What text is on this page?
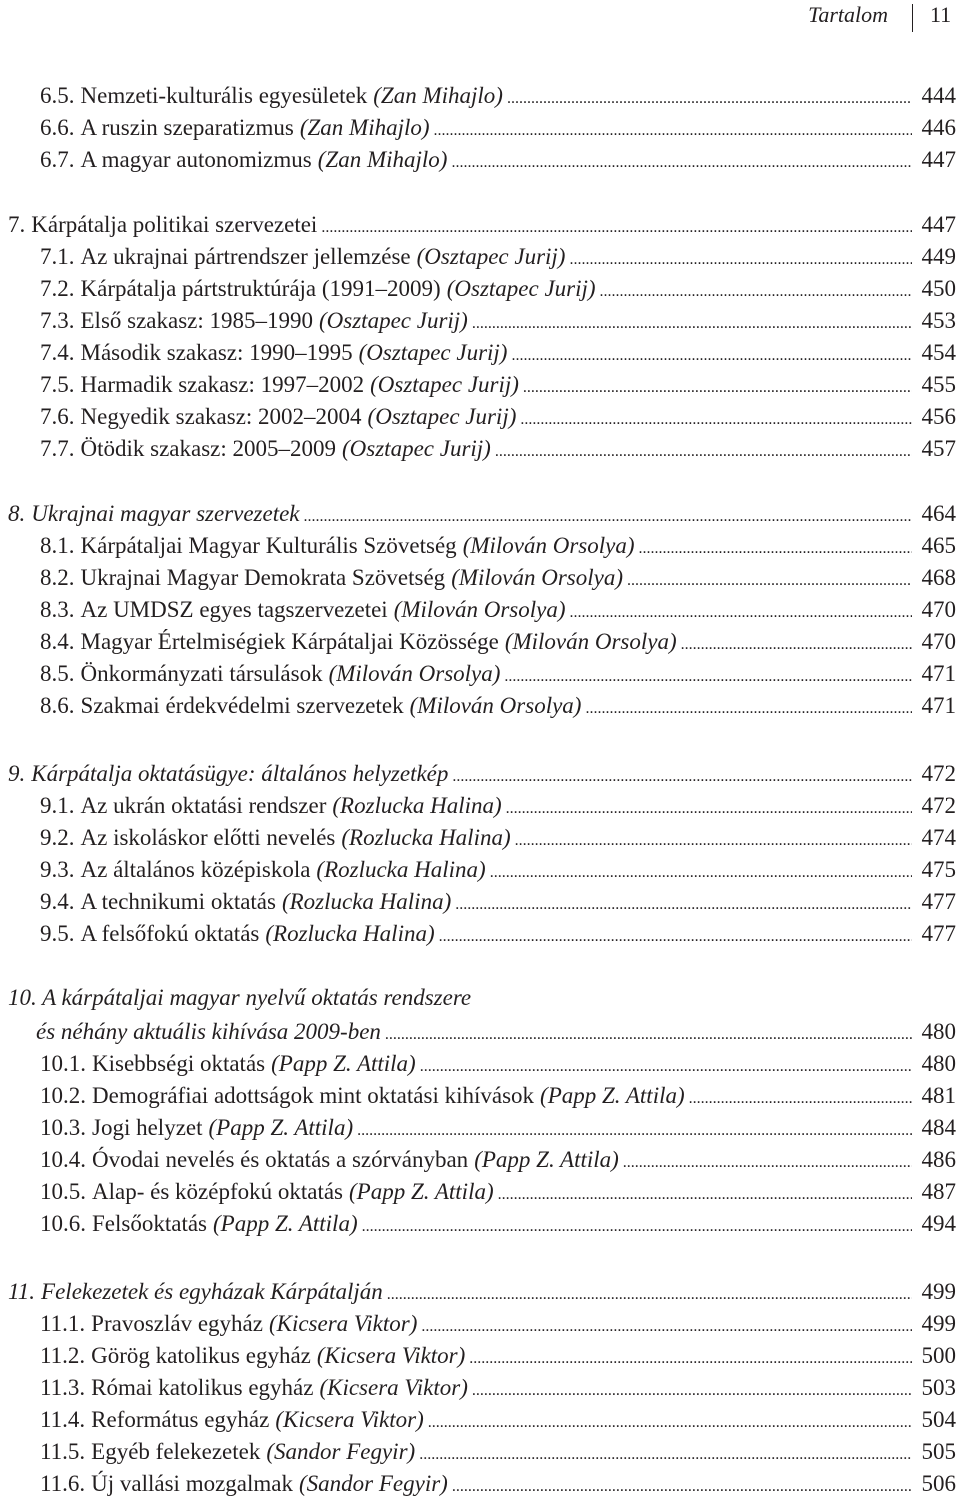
Tartalom 11
6.5. Nemzeti-kulturális egyesületek (Zan Mihajlo) . . .	444
6.6. A ruszin szeparatizmus (Zan Mihajlo) . . .	446
6.7. A magyar autonomizmus (Zan Mihajlo) . . .	447
7. Kárpátalja politikai szervezetei . . .	447
7.1. Az ukrajnai pártrendszer jellemzése (Osztapec Jurij) . . .	449
7.2. Kárpátalja pártstruktúrája (1991–2009) (Osztapec Jurij) . . .	450
7.3. Első szakasz: 1985–1990 (Osztapec Jurij) . . .	453
7.4. Második szakasz: 1990–1995 (Osztapec Jurij) . . .	454
7.5. Harmadik szakasz: 1997–2002 (Osztapec Jurij) . . .	455
7.6. Negyedik szakasz: 2002–2004 (Osztapec Jurij) . . .	456
7.7. Ötödik szakasz: 2005–2009 (Osztapec Jurij) . . .	457
8. Ukrajnai magyar szervezetek . . .	464
8.1. Kárpátaljai Magyar Kulturális Szövetség (Milován Orsolya) . . .	465
8.2. Ukrajnai Magyar Demokrata Szövetség (Milován Orsolya) . . .	468
8.3. Az UMDSZ egyes tagszervezetei (Milován Orsolya) . . .	470
8.4. Magyar Értelmiségiek Kárpátaljai Közössége (Milován Orsolya) . . .	470
8.5. Önkormányzati társulások (Milován Orsolya) . . .	471
8.6. Szakmai érdekvédelmi szervezetek (Milován Orsolya) . . .	471
9. Kárpátalja oktatásügye: általános helyzetkép . . .	472
9.1. Az ukrán oktatási rendszer (Rozlucka Halina) . . .	472
9.2. Az iskoláskor előtti nevelés (Rozlucka Halina) . . .	474
9.3. Az általános középiskola (Rozlucka Halina) . . .	475
9.4. A technikumi oktatás (Rozlucka Halina) . . .	477
9.5. A felsőfokú oktatás (Rozlucka Halina) . . .	477
10. A kárpátaljai magyar nyelvű oktatás rendszere
és néhány aktuális kihívása 2009-ben . . .	480
10.1. Kisebbségi oktatás (Papp Z. Attila) . . .	480
10.2. Demográfiai adottságok mint oktatási kihívások (Papp Z. Attila) . . .	481
10.3. Jogi helyzet (Papp Z. Attila) . . .	484
10.4. Óvodai nevelés és oktatás a szórványban (Papp Z. Attila) . . .	486
10.5. Alap- és középfokú oktatás (Papp Z. Attila) . . .	487
10.6. Felsőoktatás (Papp Z. Attila) . . .	494
11. Felekezetek és egyházak Kárpátalján . . .	499
11.1. Pravoszláv egyház (Kicsera Viktor) . . .	499
11.2. Görög katolikus egyház (Kicsera Viktor) . . .	500
11.3. Római katolikus egyház (Kicsera Viktor) . . .	503
11.4. Református egyház (Kicsera Viktor) . . .	504
11.5. Egyéb felekezetek (Sandor Fegyir) . . .	505
11.6. Új vallási mozgalmak (Sandor Fegyir) . . .	506
